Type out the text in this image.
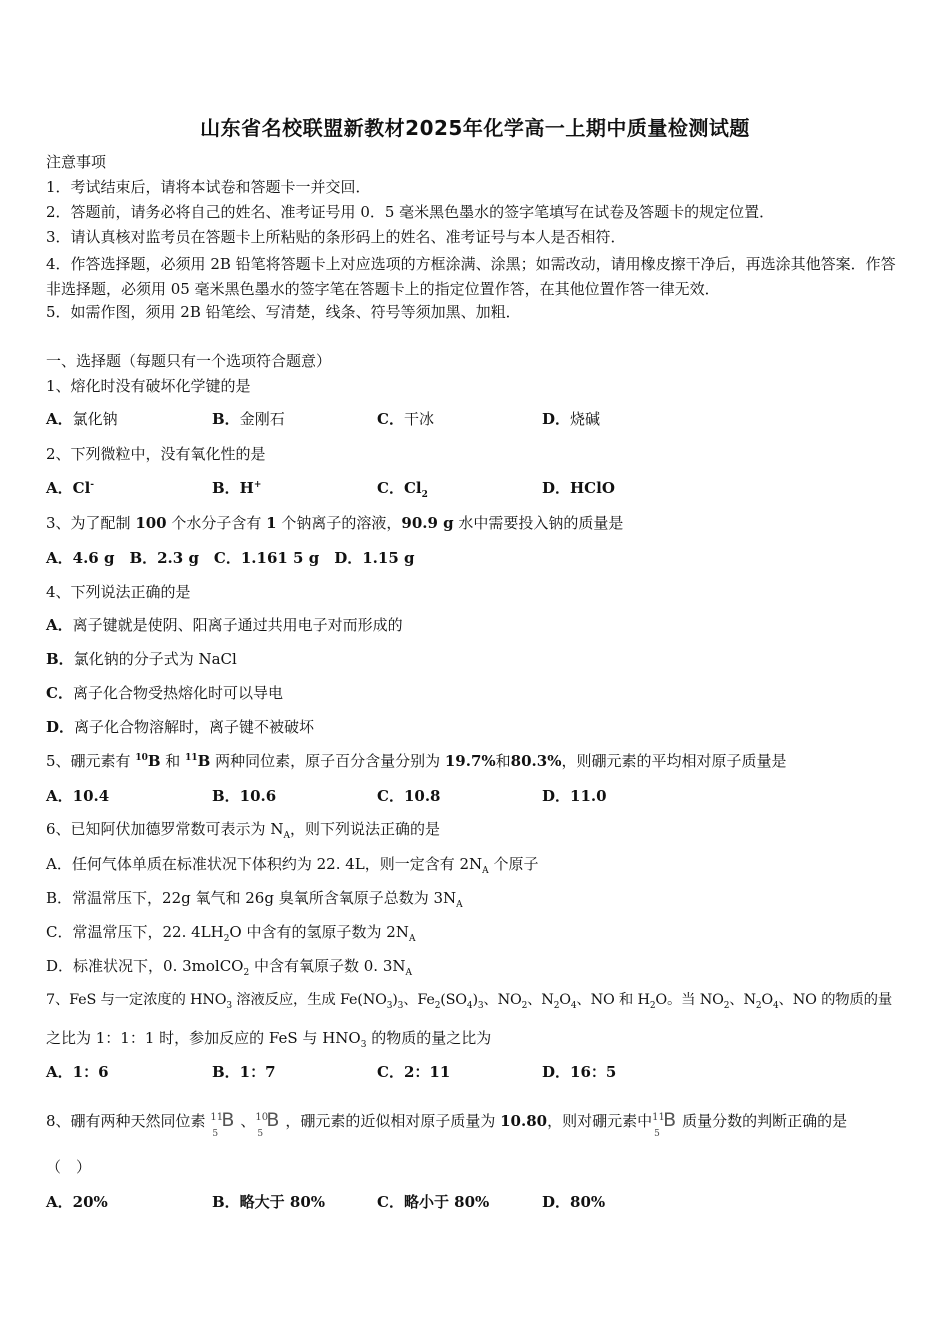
山东省名校联盟新教材2025年化学高一上期中质量检测试题
注意事项
1．考试结束后，请将本试卷和答题卡一并交回．
2．答题前，请务必将自己的姓名、准考证号用 0．5 毫米黑色墨水的签字笔填写在试卷及答题卡的规定位置．
3．请认真核对监考员在答题卡上所粘贴的条形码上的姓名、准考证号与本人是否相符．
4．作答选择题，必须用 2B 铅笔将答题卡上对应选项的方框涂满、涂黑；如需改动，请用橡皮擦干净后，再选涂其他答案．作答非选择题，必须用 05 毫米黑色墨水的签字笔在答题卡上的指定位置作答，在其他位置作答一律无效．
5．如需作图，须用 2B 铅笔绘、写清楚，线条、符号等须加黑、加粗．
一、选择题（每题只有一个选项符合题意）
1、熔化时没有破坏化学键的是
A．氯化钠	B．金刚石	C．干冰	D．烧碱
2、下列微粒中，没有氧化性的是
A．Cl-	B．H+	C．$Cl_2$	D．HClO
3、为了配制 100 个水分子含有 1 个钠离子的溶液，90.9 g 水中需要投入钠的质量是
A．4.6 g　B．2.3 g　C．1.161 5 g　D．1.15 g
4、下列说法正确的是
A．离子键就是使阴、阳离子通过共用电子对而形成的
B．氯化钠的分子式为 NaCl
C．离子化合物受热熔化时可以导电
D．离子化合物溶解时，离子键不被破坏
5、硼元素有 $^{10}$B 和 $^{11}$B 两种同位素，原子百分含量分别为 19.7%和80.3%，则硼元素的平均相对原子质量是
A．10.4	B．10.6	C．10.8	D．11.0
6、已知阿伏加德罗常数可表示为 $N_A$，则下列说法正确的是
A．任何气体单质在标准状况下体积约为 22. 4L，则一定含有 $2N_A$ 个原子
B．常温常压下，22g 氧气和 26g 臭氧所含氧原子总数为 $3N_A$
C．常温常压下，22. $4LH_2O$ 中含有的氢原子数为 $2N_A$
D．标准状况下，0. 3molCO$_2$ 中含有氧原子数 0. $3N_A$
7、FeS 与一定浓度的 $HNO_3$ 溶液反应，生成 $Fe(NO_3)_3$、$Fe_2(SO_4)_3$、$NO_2$、$N_2O_4$、NO 和 $H_2O$。当 $NO_2$、$N_2O_4$、NO 的物质的量
之比为 1：1：1 时，参加反应的 FeS 与 $HNO_3$ 的物质的量之比为
A．1：6	B．1：7	C．2：11	D．16：5
8、硼有两种天然同位素 11
5
B 、 10
5
B ，硼元素的近似相对原子质量为 10.80，则对硼元素中 11
5
B 质量分数的判断正确的是
（　）
A．20%	B．略大于 80%	C．略小于 80%	D．80%
